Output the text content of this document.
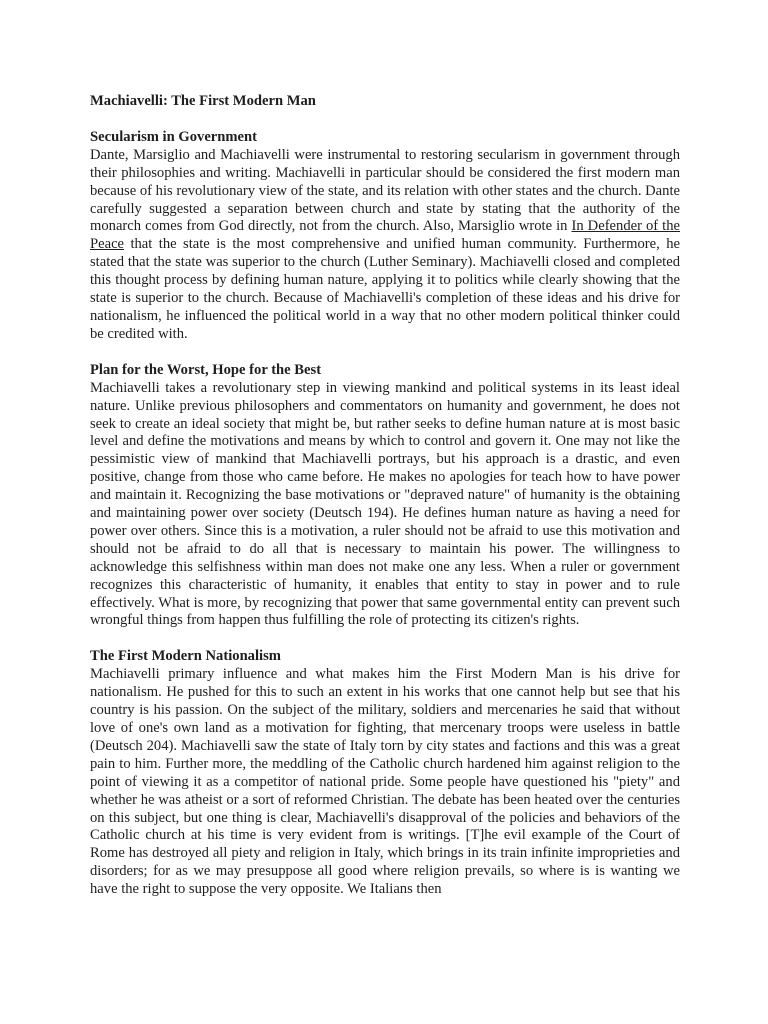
Machiavelli: The First Modern Man

Secularism in Government

Dante, Marsiglio and Machiavelli were instrumental to restoring secularism in government through their philosophies and writing. Machiavelli in particular should be considered the first modern man because of his revolutionary view of the state, and its relation with other states and the church. Dante carefully suggested a separation between church and state by stating that the authority of the monarch comes from God directly, not from the church. Also, Marsiglio wrote in In Defender of the Peace that the state is the most comprehensive and unified human community. Furthermore, he stated that the state was superior to the church (Luther Seminary). Machiavelli closed and completed this thought process by defining human nature, applying it to politics while clearly showing that the state is superior to the church. Because of Machiavelli's completion of these ideas and his drive for nationalism, he influenced the political world in a way that no other modern political thinker could be credited with.

Plan for the Worst, Hope for the Best

Machiavelli takes a revolutionary step in viewing mankind and political systems in its least ideal nature. Unlike previous philosophers and commentators on humanity and government, he does not seek to create an ideal society that might be, but rather seeks to define human nature at is most basic level and define the motivations and means by which to control and govern it. One may not like the pessimistic view of mankind that Machiavelli portrays, but his approach is a drastic, and even positive, change from those who came before. He makes no apologies for teach how to have power and maintain it. Recognizing the base motivations or "depraved nature" of humanity is the obtaining and maintaining power over society (Deutsch 194). He defines human nature as having a need for power over others. Since this is a motivation, a ruler should not be afraid to use this motivation and should not be afraid to do all that is necessary to maintain his power. The willingness to acknowledge this selfishness within man does not make one any less. When a ruler or government recognizes this characteristic of humanity, it enables that entity to stay in power and to rule effectively. What is more, by recognizing that power that same governmental entity can prevent such wrongful things from happen thus fulfilling the role of protecting its citizen's rights.

The First Modern Nationalism

Machiavelli primary influence and what makes him the First Modern Man is his drive for nationalism. He pushed for this to such an extent in his works that one cannot help but see that his country is his passion. On the subject of the military, soldiers and mercenaries he said that without love of one's own land as a motivation for fighting, that mercenary troops were useless in battle (Deutsch 204). Machiavelli saw the state of Italy torn by city states and factions and this was a great pain to him. Further more, the meddling of the Catholic church hardened him against religion to the point of viewing it as a competitor of national pride. Some people have questioned his "piety" and whether he was atheist or a sort of reformed Christian. The debate has been heated over the centuries on this subject, but one thing is clear, Machiavelli's disapproval of the policies and behaviors of the Catholic church at his time is very evident from is writings. [T]he evil example of the Court of Rome has destroyed all piety and religion in Italy, which brings in its train infinite improprieties and disorders; for as we may presuppose all good where religion prevails, so where is is wanting we have the right to suppose the very opposite. We Italians then
